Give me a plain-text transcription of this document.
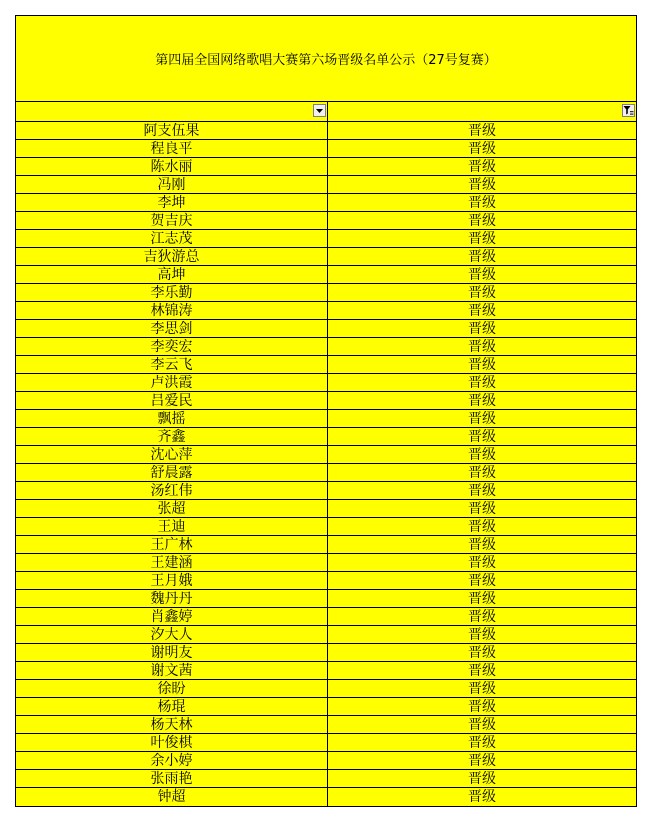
第四届全国网络歌唱大赛第六场晋级名单公示（27号复赛）
阿支伍果	晋级
程良平	晋级
陈水丽	晋级
冯刚	晋级
李坤	晋级
贺吉庆	晋级
江志茂	晋级
吉狄游总	晋级
高坤	晋级
李乐勤	晋级
林锦涛	晋级
李思剑	晋级
李奕宏	晋级
李云飞	晋级
卢洪霞	晋级
吕爱民	晋级
飘摇	晋级
齐鑫	晋级
沈心萍	晋级
舒晨露	晋级
汤红伟	晋级
张超	晋级
王迪	晋级
王广林	晋级
王建涵	晋级
王月娥	晋级
魏丹丹	晋级
肖鑫婷	晋级
汐大人	晋级
谢明友	晋级
谢文茜	晋级
徐盼	晋级
杨琨	晋级
杨天林	晋级
叶俊棋	晋级
余小婷	晋级
张雨艳	晋级
钟超	晋级
